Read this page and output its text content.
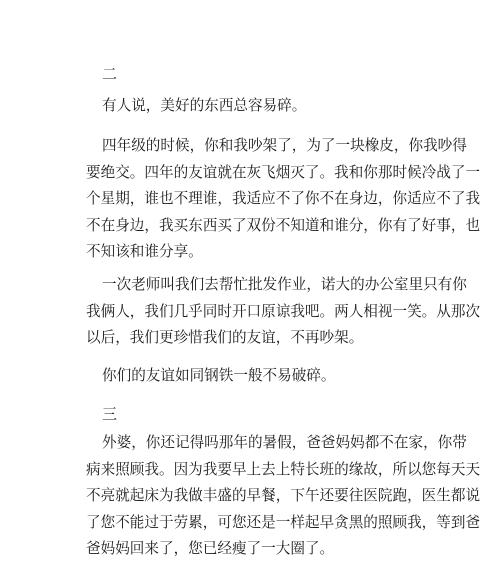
二

有人说，美好的东西总容易碎。

四年级的时候，你和我吵架了，为了一块橡皮，你我吵得
要绝交。四年的友谊就在灰飞烟灭了。我和你那时候冷战了一
个星期，谁也不理谁，我适应不了你不在身边，你适应不了我
不在身边，我买东西买了双份不知道和谁分，你有了好事，也
不知该和谁分享。

一次老师叫我们去帮忙批发作业，诺大的办公室里只有你
我俩人，我们几乎同时开口原谅我吧。两人相视一笑。从那次
以后，我们更珍惜我们的友谊，不再吵架。

你们的友谊如同钢铁一般不易破碎。

三

外婆，你还记得吗那年的暑假，爸爸妈妈都不在家，你带
病来照顾我。因为我要早上去上特长班的缘故，所以您每天天
不亮就起床为我做丰盛的早餐，下午还要往医院跑，医生都说
了您不能过于劳累，可您还是一样起早贪黑的照顾我，等到爸
爸妈妈回来了，您已经瘦了一大圈了。
